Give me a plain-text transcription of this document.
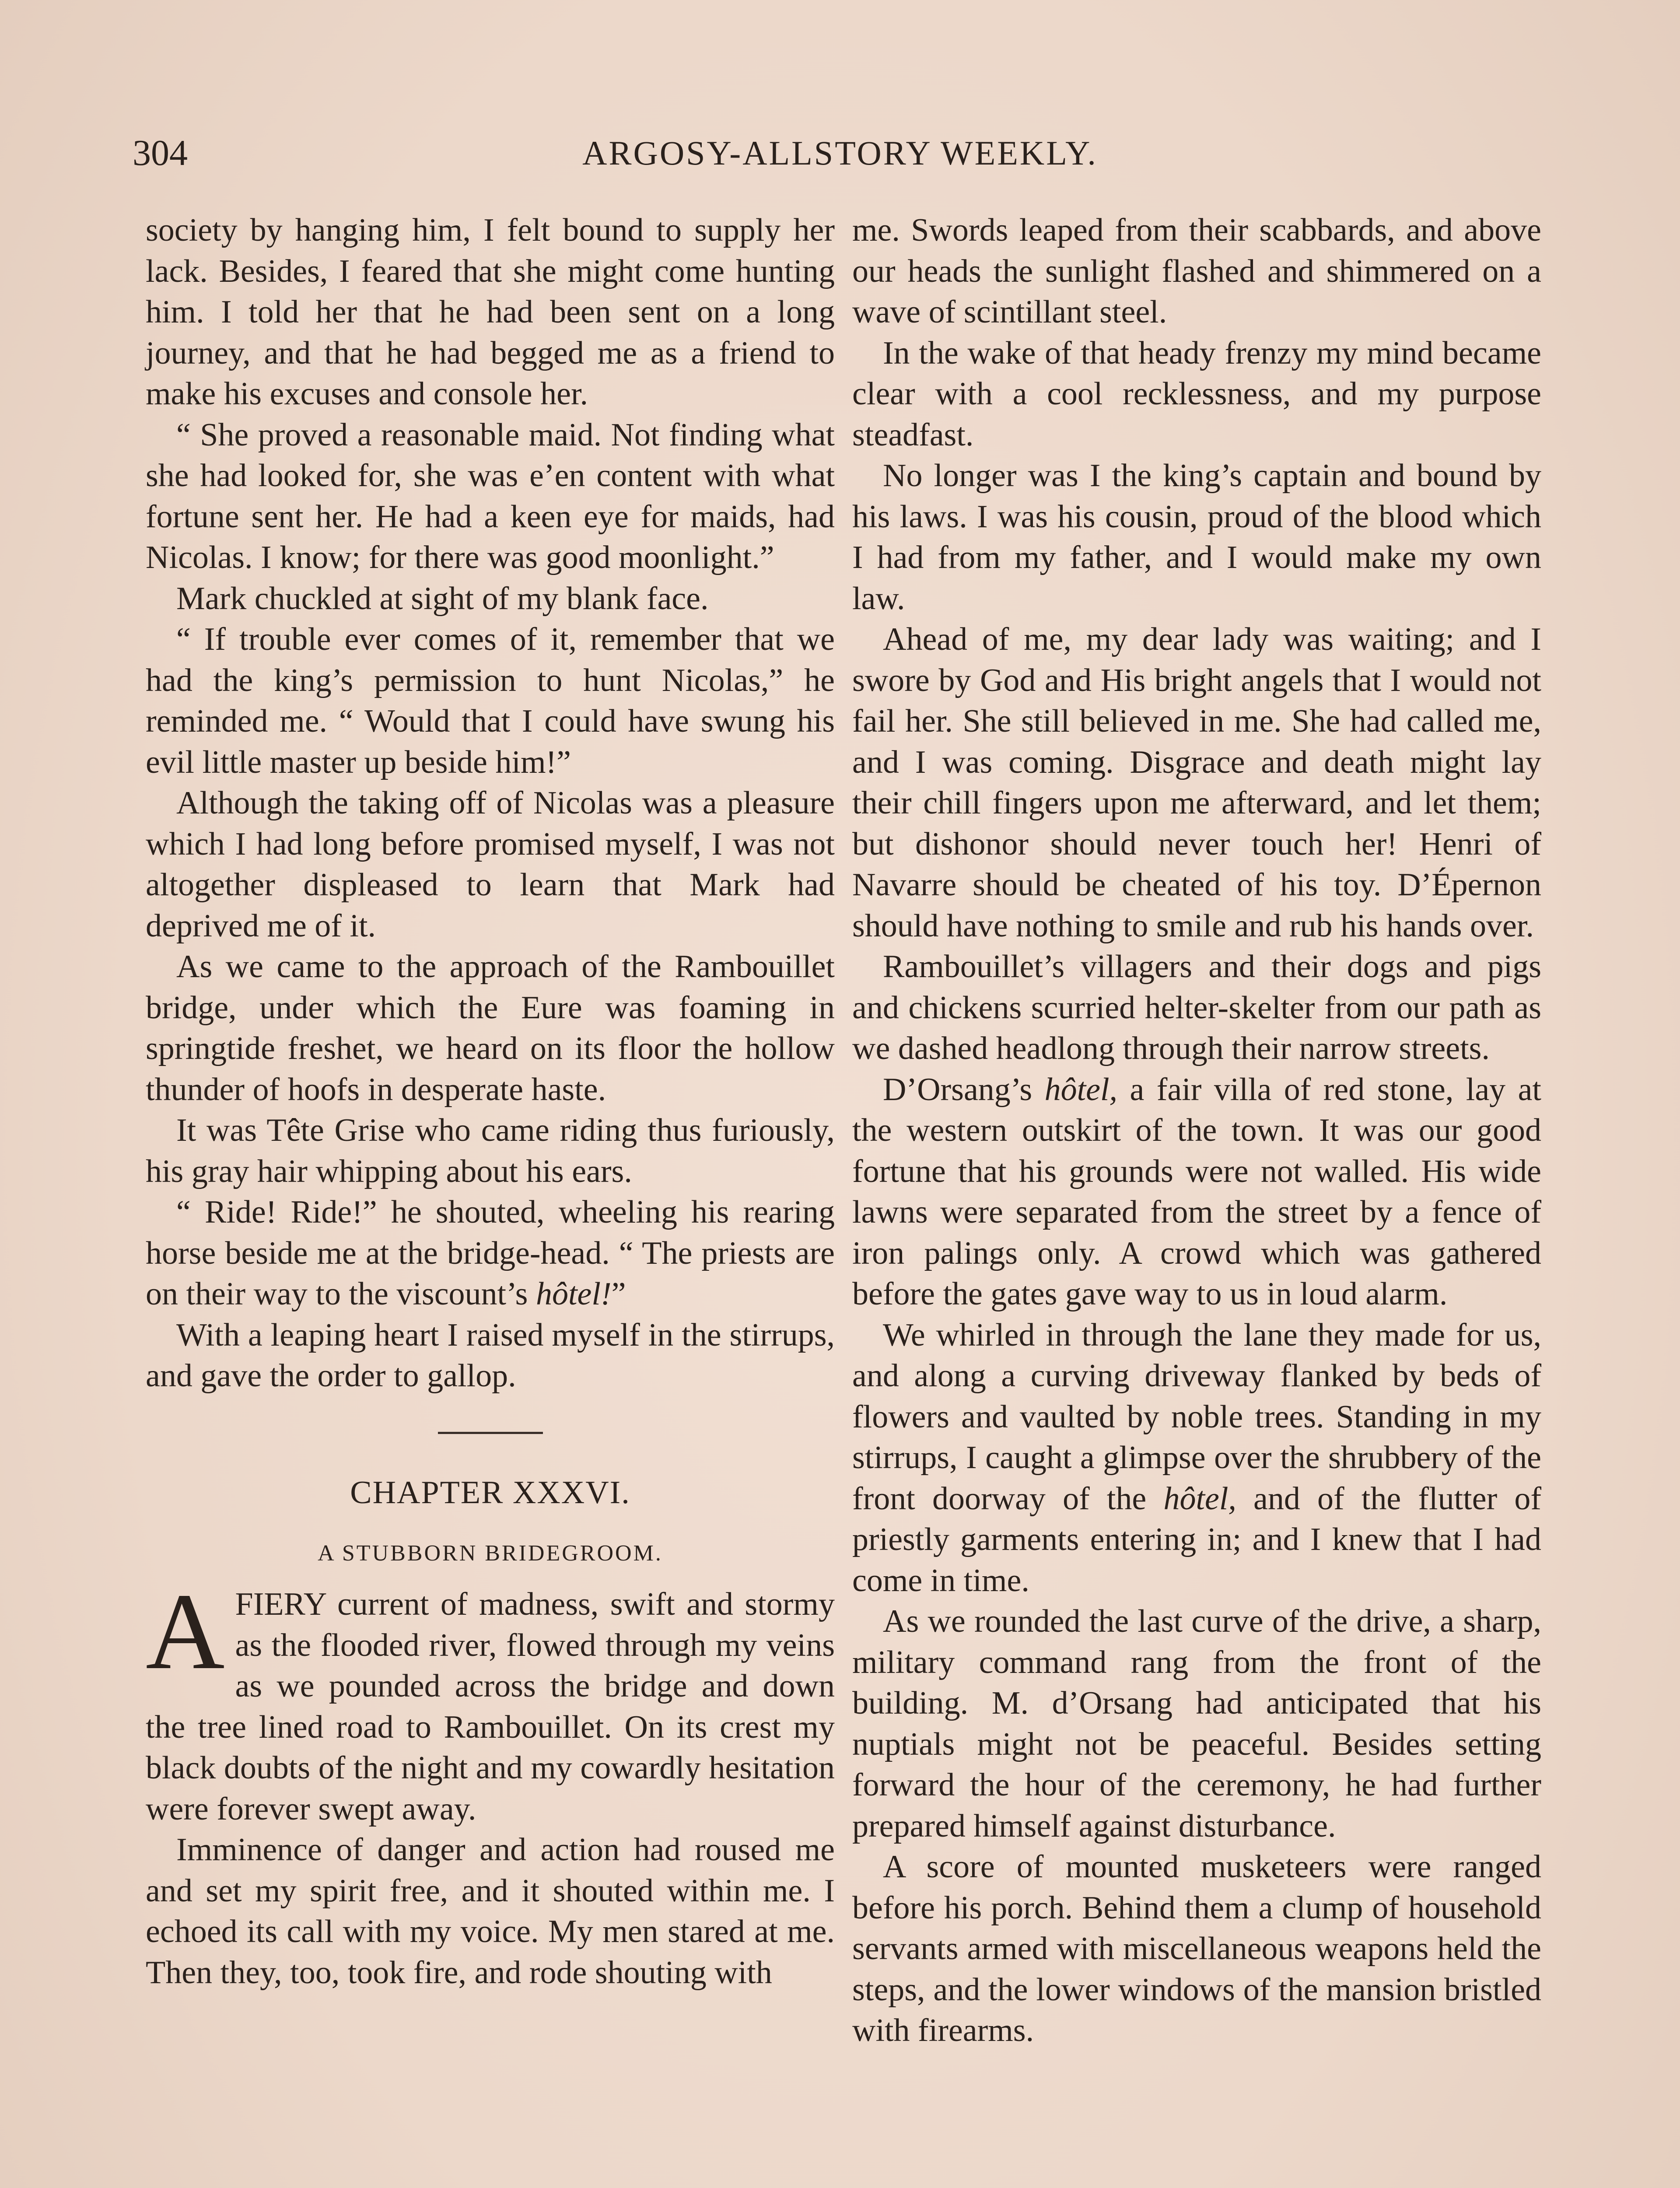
304	ARGOSY-ALLSTORY WEEKLY.

society by hanging him, I felt bound to supply her lack. Besides, I feared that she might come hunting him. I told her that he had been sent on a long journey, and that he had begged me as a friend to make his excuses and console her.

“ She proved a reasonable maid. Not finding what she had looked for, she was e’en content with what fortune sent her. He had a keen eye for maids, had Nicolas. I know; for there was good moonlight.”

Mark chuckled at sight of my blank face.

“ If trouble ever comes of it, remember that we had the king’s permission to hunt Nicolas,” he reminded me. “ Would that I could have swung his evil little master up beside him!”

Although the taking off of Nicolas was a pleasure which I had long before promised myself, I was not altogether displeased to learn that Mark had deprived me of it.

As we came to the approach of the Rambouillet bridge, under which the Eure was foaming in springtide freshet, we heard on its floor the hollow thunder of hoofs in desperate haste.

It was Tête Grise who came riding thus furiously, his gray hair whipping about his ears.

“ Ride! Ride!” he shouted, wheeling his rearing horse beside me at the bridge-head. “ The priests are on their way to the viscount’s hôtel!”

With a leaping heart I raised myself in the stirrups, and gave the order to gallop.

CHAPTER XXXVI.

A STUBBORN BRIDEGROOM.

AFIERY current of madness, swift and stormy as the flooded river, flowed through my veins as we pounded across the bridge and down the tree lined road to Rambouillet. On its crest my black doubts of the night and my cowardly hesitation were forever swept away.

Imminence of danger and action had roused me and set my spirit free, and it shouted within me. I echoed its call with my voice. My men stared at me. Then they, too, took fire, and rode shouting with

me. Swords leaped from their scabbards, and above our heads the sunlight flashed and shimmered on a wave of scintillant steel.

In the wake of that heady frenzy my mind became clear with a cool recklessness, and my purpose steadfast.

No longer was I the king’s captain and bound by his laws. I was his cousin, proud of the blood which I had from my father, and I would make my own law.

Ahead of me, my dear lady was waiting; and I swore by God and His bright angels that I would not fail her. She still believed in me. She had called me, and I was coming. Disgrace and death might lay their chill fingers upon me afterward, and let them; but dishonor should never touch her! Henri of Navarre should be cheated of his toy. D’Épernon should have nothing to smile and rub his hands over.

Rambouillet’s villagers and their dogs and pigs and chickens scurried helter-skelter from our path as we dashed headlong through their narrow streets.

D’Orsang’s hôtel, a fair villa of red stone, lay at the western outskirt of the town. It was our good fortune that his grounds were not walled. His wide lawns were separated from the street by a fence of iron palings only. A crowd which was gathered before the gates gave way to us in loud alarm.

We whirled in through the lane they made for us, and along a curving driveway flanked by beds of flowers and vaulted by noble trees. Standing in my stirrups, I caught a glimpse over the shrubbery of the front doorway of the hôtel, and of the flutter of priestly garments entering in; and I knew that I had come in time.

As we rounded the last curve of the drive, a sharp, military command rang from the front of the building. M. d’Orsang had anticipated that his nuptials might not be peaceful. Besides setting forward the hour of the ceremony, he had further prepared himself against disturbance.

A score of mounted musketeers were ranged before his porch. Behind them a clump of household servants armed with miscellaneous weapons held the steps, and the lower windows of the mansion bristled with firearms.
